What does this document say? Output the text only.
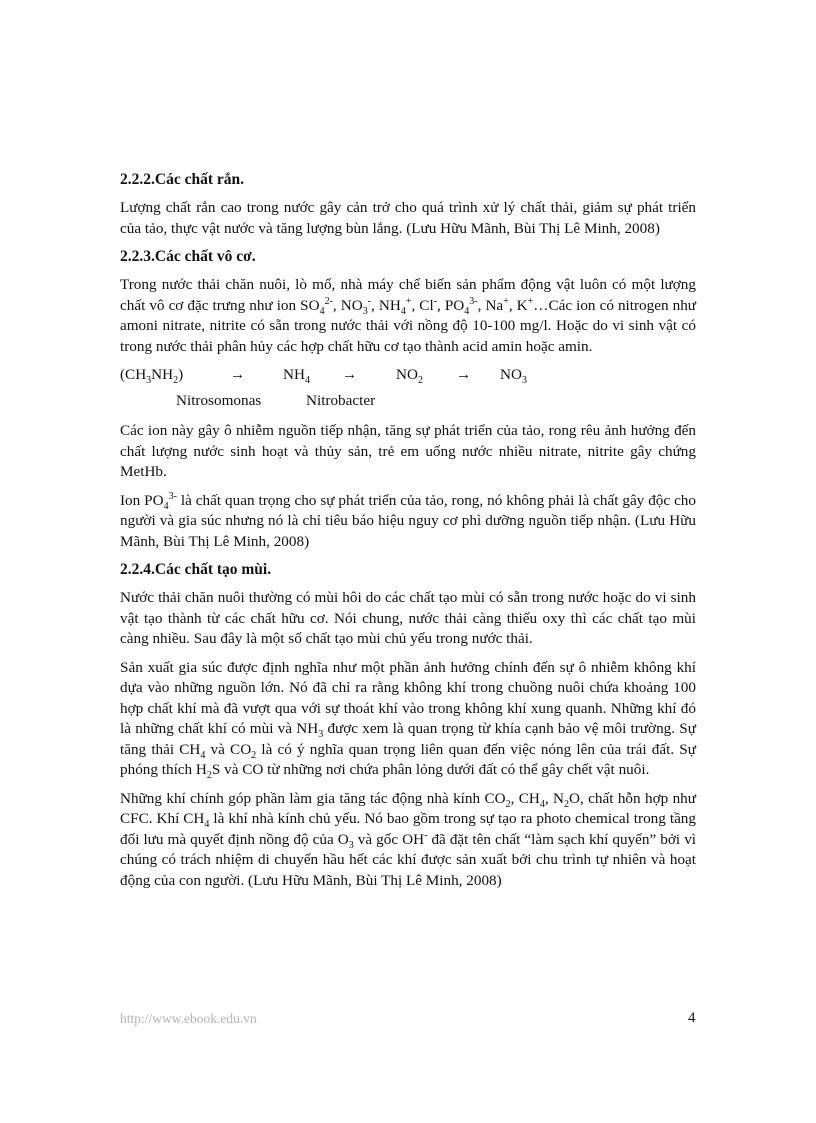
2.2.2.Các chất rắn.

Lượng chất rắn cao trong nước gây cản trở cho quá trình xử lý chất thải, giảm sự phát triển của tảo, thực vật nước và tăng lượng bùn lắng. (Lưu Hữu Mãnh, Bùi Thị Lê Minh, 2008)

2.2.3.Các chất vô cơ.

Trong nước thải chăn nuôi, lò mổ, nhà máy chế biến sản phẩm động vật luôn có một lượng chất vô cơ đặc trưng như ion $SO_4^{2-}$, $NO_3^-$, $NH_4^+$, Cl-, $PO_4^{3-}$, Na+, K+…Các ion có nitrogen như amoni nitrate, nitrite có sẵn trong nước thải với nồng độ 10-100 mg/l. Hoặc do vi sinh vật có trong nước thải phân hủy các hợp chất hữu cơ tạo thành acid amin hoặc amin.

$(CH_3NH_2)$	→ $NH_4$ →	$NO_2 \to NO_3$
Nitrosomonas	Nitrobacter

Các ion này gây ô nhiễm nguồn tiếp nhận, tăng sự phát triển của tảo, rong rêu ảnh hưởng đến chất lượng nước sinh hoạt và thủy sản, trẻ em uống nước nhiều nitrate, nitrite gây chứng MetHb.

Ion $PO_4^{3-}$ là chất quan trọng cho sự phát triển của tảo, rong, nó không phải là chất gây độc cho người và gia súc nhưng nó là chỉ tiêu báo hiệu nguy cơ phì dưỡng nguồn tiếp nhận. (Lưu Hữu Mãnh, Bùi Thị Lê Minh, 2008)

2.2.4.Các chất tạo mùi.

Nước thải chăn nuôi thường có mùi hôi do các chất tạo mùi có sẵn trong nước hoặc do vi sinh vật tạo thành từ các chất hữu cơ. Nói chung, nước thải càng thiếu oxy thì các chất tạo mùi càng nhiều. Sau đây là một số chất tạo mùi chủ yếu trong nước thải.

Sản xuất gia súc được định nghĩa như một phần ảnh hưởng chính đến sự ô nhiễm không khí dựa vào những nguồn lớn. Nó đã chỉ ra rằng không khí trong chuồng nuôi chứa khoảng 100 hợp chất khí mà đã vượt qua với sự thoát khí vào trong không khí xung quanh. Những khí đó là những chất khí có mùi và $NH_3$ được xem là quan trọng từ khía cạnh bảo vệ môi trường. Sự tăng thải $CH_4$ và $CO_2$ là có ý nghĩa quan trọng liên quan đến việc nóng lên của trái đất. Sự phóng thích $H_2S$ và CO từ những nơi chứa phân lỏng dưới đất có thể gây chết vật nuôi.

Những khí chính góp phần làm gia tăng tác động nhà kính $CO_2$, $CH_4$, $N_2O$, chất hỗn hợp như CFC. Khí $CH_4$ là khí nhà kính chủ yếu. Nó bao gồm trong sự tạo ra photo chemical trong tầng đối lưu mà quyết định nồng độ của $O_3$ và gốc OH- đã đặt tên chất “làm sạch khí quyển” bởi vì chúng có trách nhiệm di chuyển hầu hết các khí được sản xuất bởi chu trình tự nhiên và hoạt động của con người. (Lưu Hữu Mãnh, Bùi Thị Lê Minh, 2008)

http://www.ebook.edu.vn	4
